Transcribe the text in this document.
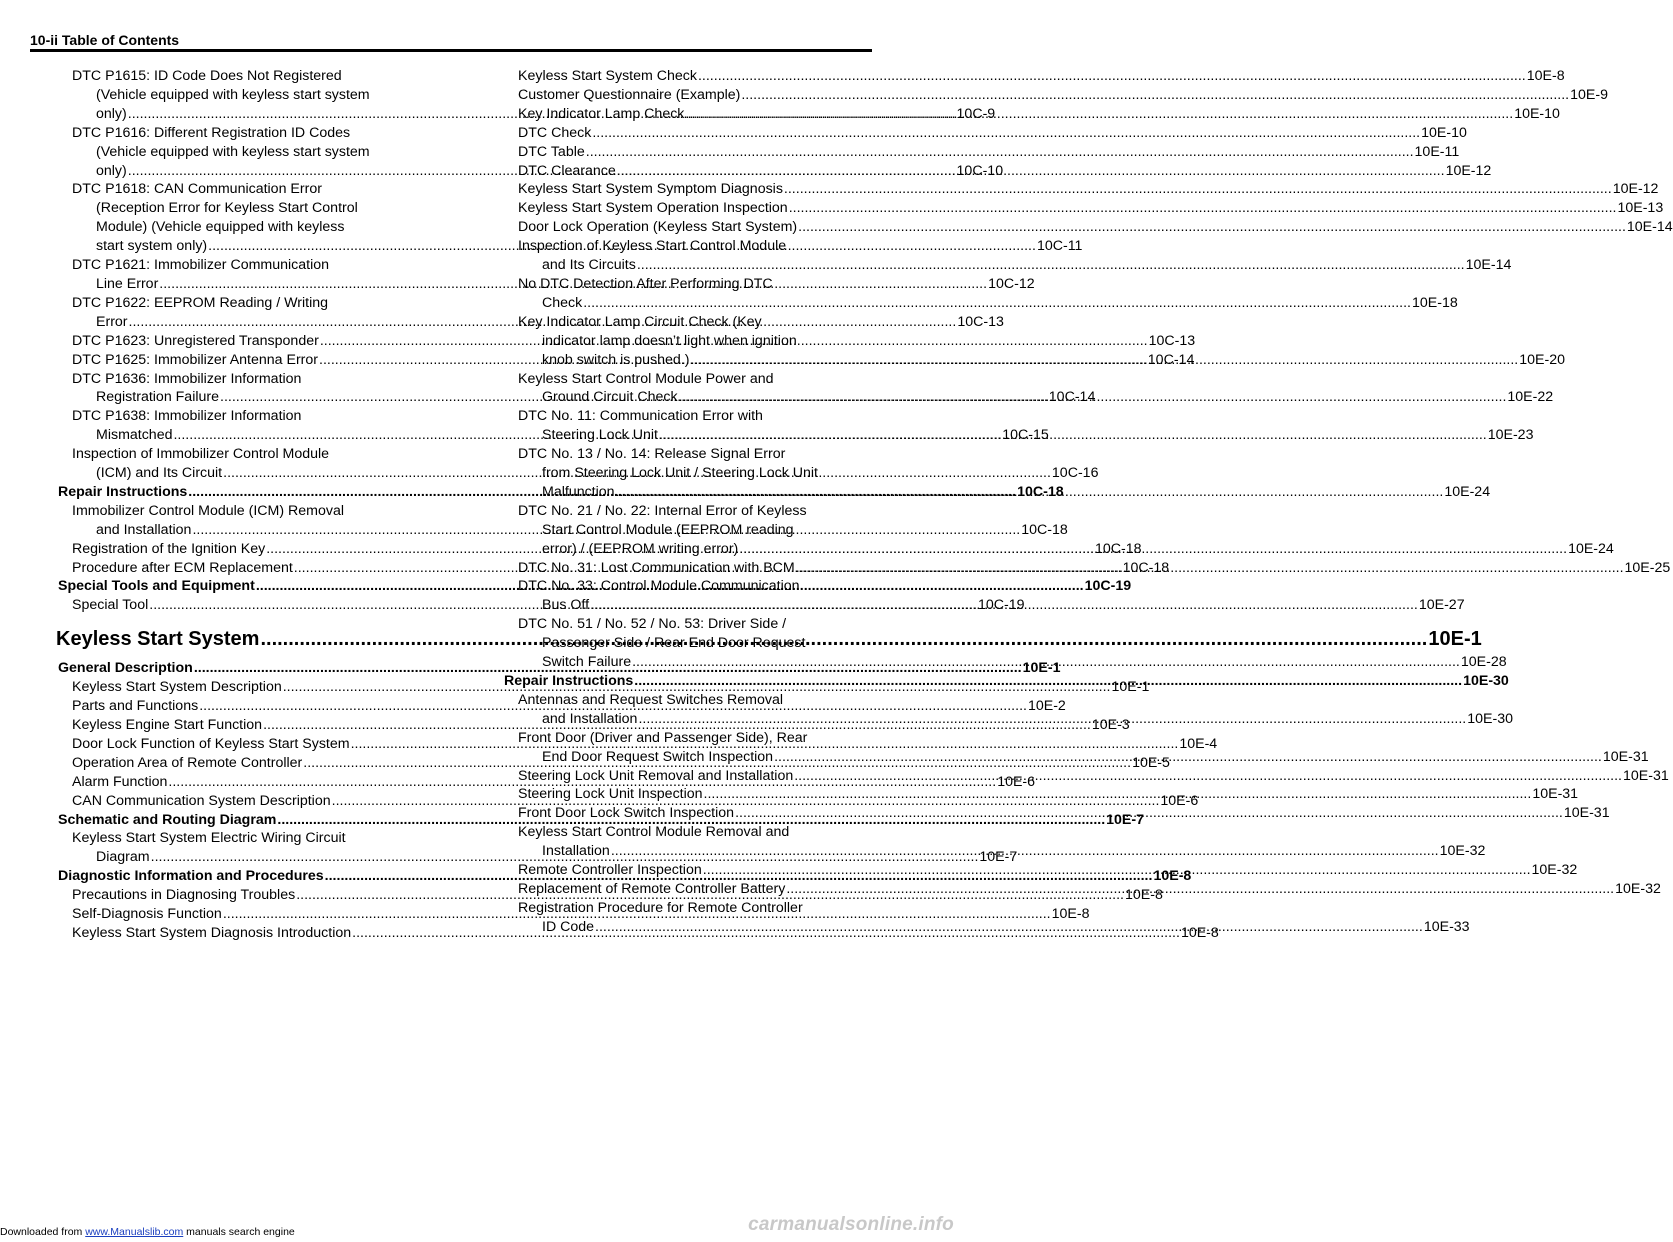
10-ii Table of Contents
DTC P1615: ID Code Does Not Registered
(Vehicle equipped with keyless start system
only) .....	10C-9
DTC P1616: Different Registration ID Codes
(Vehicle equipped with keyless start system
only) .....	10C-10
DTC P1618: CAN Communication Error
(Reception Error for Keyless Start Control
Module) (Vehicle equipped with keyless
start system only) .....	10C-11
DTC P1621: Immobilizer Communication
Line Error .....	10C-12
DTC P1622: EEPROM Reading / Writing
Error .....	10C-13
DTC P1623: Unregistered Transponder .....	10C-13
DTC P1625: Immobilizer Antenna Error .....	10C-14
DTC P1636: Immobilizer Information
Registration Failure .....	10C-14
DTC P1638: Immobilizer Information
Mismatched .....	10C-15
Inspection of Immobilizer Control Module
(ICM) and Its Circuit .....	10C-16
Repair Instructions .....	10C-18
Immobilizer Control Module (ICM) Removal
and Installation .....	10C-18
Registration of the Ignition Key .....	10C-18
Procedure after ECM Replacement .....	10C-18
Special Tools and Equipment .....	10C-19
Special Tool .....	10C-19
Keyless Start System .....	10E-1
General Description .....	10E-1
Keyless Start System Description .....	10E-1
Parts and Functions .....	10E-2
Keyless Engine Start Function .....	10E-3
Door Lock Function of Keyless Start System .....	10E-4
Operation Area of Remote Controller .....	10E-5
Alarm Function .....	10E-6
CAN Communication System Description .....	10E-6
Schematic and Routing Diagram .....	10E-7
Keyless Start System Electric Wiring Circuit
Diagram .....	10E-7
Diagnostic Information and Procedures .....	10E-8
Precautions in Diagnosing Troubles .....	10E-8
Self-Diagnosis Function .....	10E-8
Keyless Start System Diagnosis Introduction .....	10E-8
Keyless Start System Check .....	10E-8
Customer Questionnaire (Example) .....	10E-9
Key Indicator Lamp Check .....	10E-10
DTC Check .....	10E-10
DTC Table .....	10E-11
DTC Clearance .....	10E-12
Keyless Start System Symptom Diagnosis .....	10E-12
Keyless Start System Operation Inspection .....	10E-13
Door Lock Operation (Keyless Start System) .....	10E-14
Inspection of Keyless Start Control Module
and Its Circuits .....	10E-14
No DTC Detection After Performing DTC
Check .....	10E-18
Key Indicator Lamp Circuit Check (Key
indicator lamp doesn’t light when ignition
knob switch is pushed.) .....	10E-20
Keyless Start Control Module Power and
Ground Circuit Check .....	10E-22
DTC No. 11: Communication Error with
Steering Lock Unit .....	10E-23
DTC No. 13 / No. 14: Release Signal Error
from Steering Lock Unit / Steering Lock Unit
Malfunction .....	10E-24
DTC No. 21 / No. 22: Internal Error of Keyless
Start Control Module (EEPROM reading
error) / (EEPROM writing error) .....	10E-24
DTC No. 31: Lost Communication with BCM .....	10E-25
DTC No. 33: Control Module Communication
Bus Off .....	10E-27
DTC No. 51 / No. 52 / No. 53: Driver Side /
Passenger Side / Rear End Door Request
Switch Failure .....	10E-28
Repair Instructions .....	10E-30
Antennas and Request Switches Removal
and Installation .....	10E-30
Front Door (Driver and Passenger Side), Rear
End Door Request Switch Inspection .....	10E-31
Steering Lock Unit Removal and Installation .....	10E-31
Steering Lock Unit Inspection .....	10E-31
Front Door Lock Switch Inspection .....	10E-31
Keyless Start Control Module Removal and
Installation .....	10E-32
Remote Controller Inspection .....	10E-32
Replacement of Remote Controller Battery .....	10E-32
Registration Procedure for Remote Controller
ID Code .....	10E-33
Downloaded from www.Manualslib.com manuals search engine	carmanualsonline.info
